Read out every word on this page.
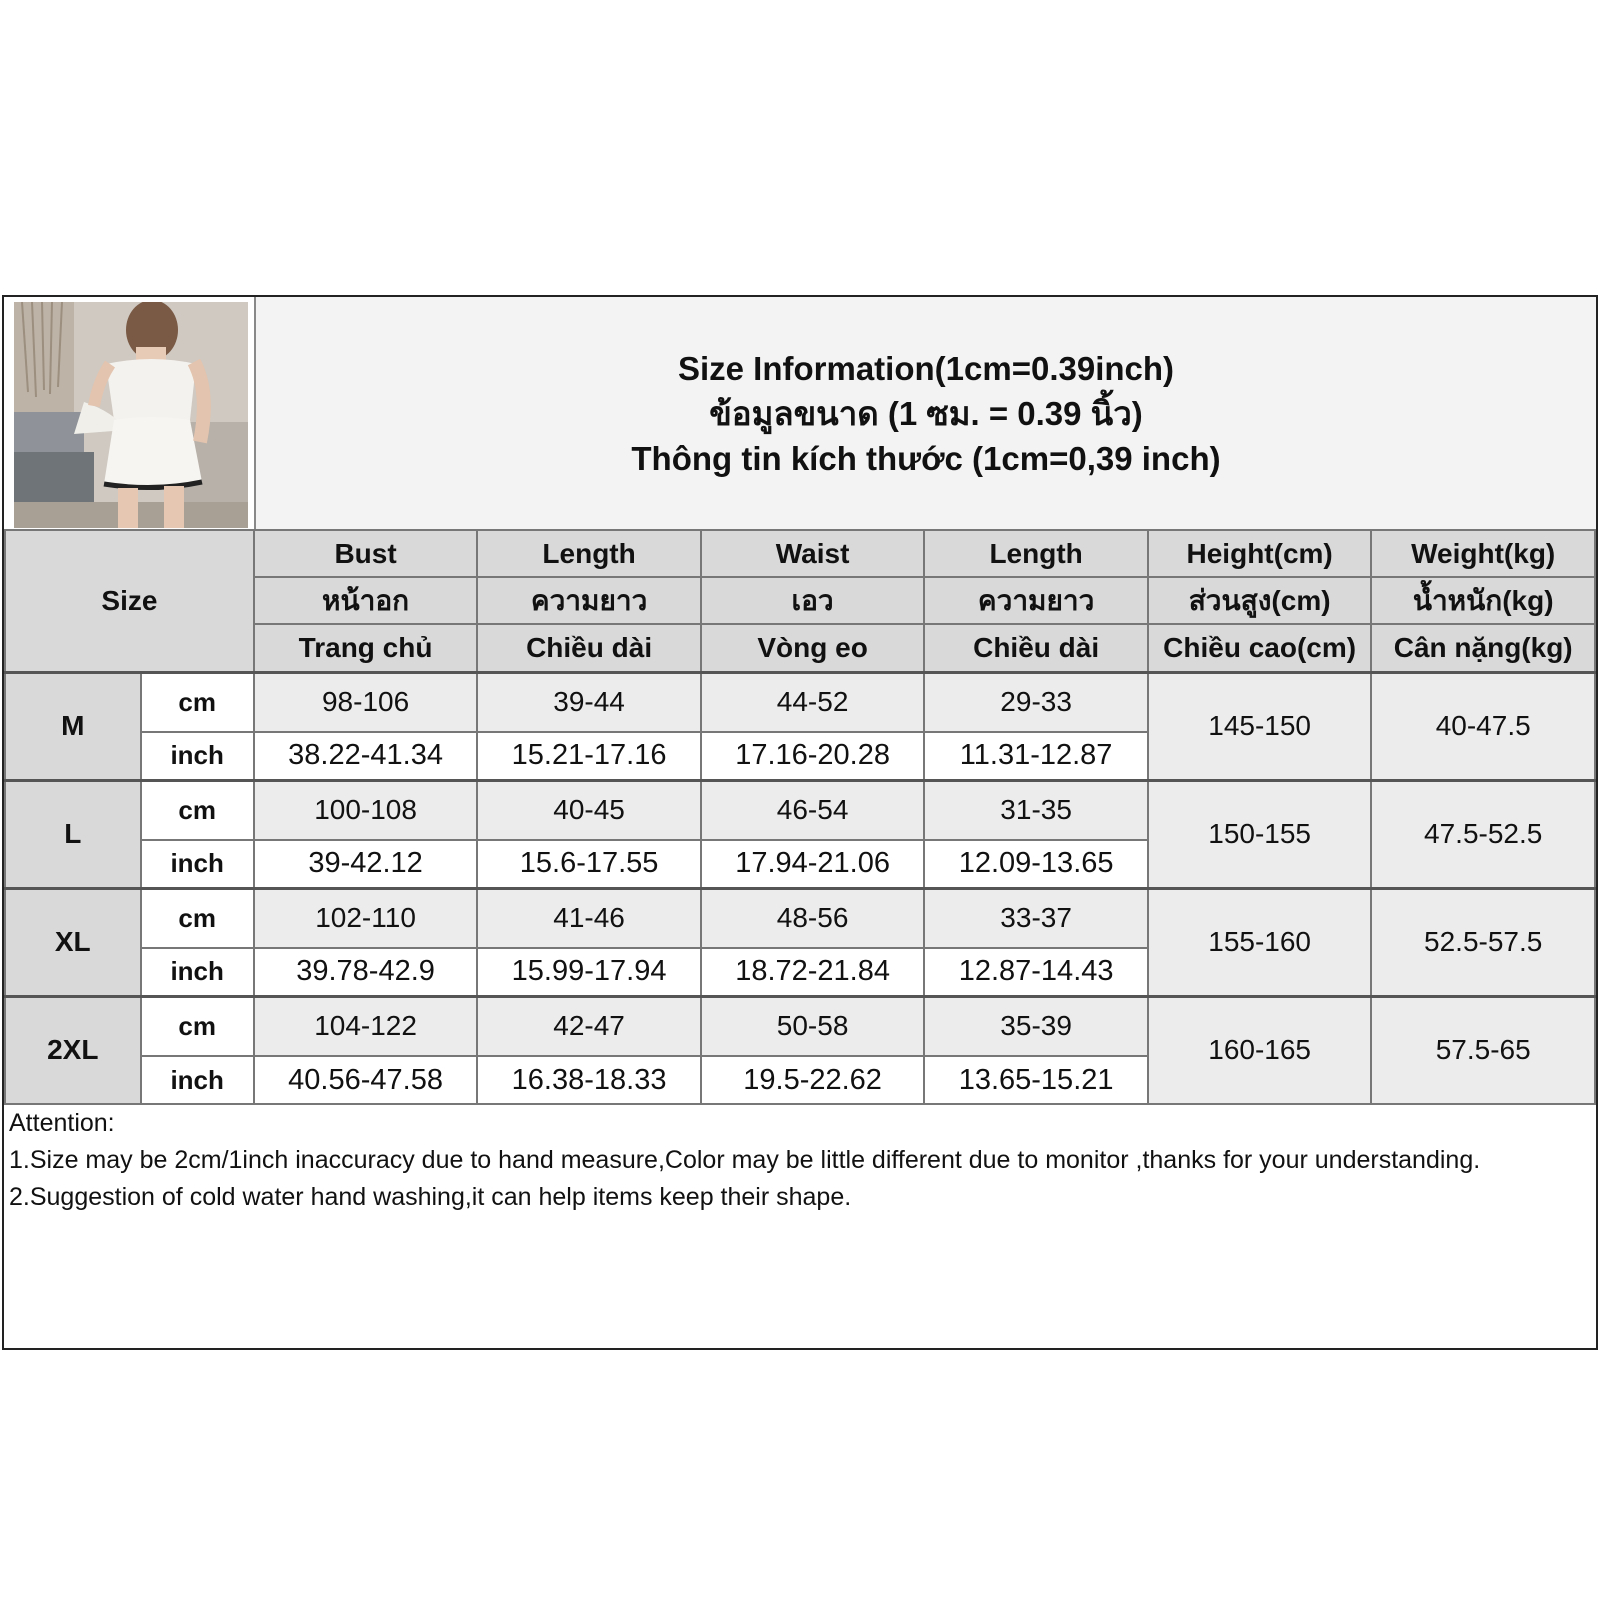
Size Information(1cm=0.39inch)
ข้อมูลขนาด (1 ซม. = 0.39 นิ้ว)
Thông tin kích thước (1cm=0,39 inch)
Size		Bust	Length	Waist	Length	Height(cm)	Weight(kg)
		หน้าอก	ความยาว	เอว	ความยาว	ส่วนสูง(cm)	น้ำหนัก(kg)
		Trang chủ	Chiều dài	Vòng eo	Chiều dài	Chiều cao(cm)	Cân nặng(kg)
M	cm	98-106	39-44	44-52	29-33	145-150	40-47.5
	inch	38.22-41.34	15.21-17.16	17.16-20.28	11.31-12.87		
L	cm	100-108	40-45	46-54	31-35	150-155	47.5-52.5
	inch	39-42.12	15.6-17.55	17.94-21.06	12.09-13.65		
XL	cm	102-110	41-46	48-56	33-37	155-160	52.5-57.5
	inch	39.78-42.9	15.99-17.94	18.72-21.84	12.87-14.43		
2XL	cm	104-122	42-47	50-58	35-39	160-165	57.5-65
	inch	40.56-47.58	16.38-18.33	19.5-22.62	13.65-15.21		
Attention:
1.Size may be 2cm/1inch inaccuracy due to hand measure,Color may be little different due to monitor ,thanks for your understanding.
2.Suggestion of cold water hand washing,it can help items keep their shape.
